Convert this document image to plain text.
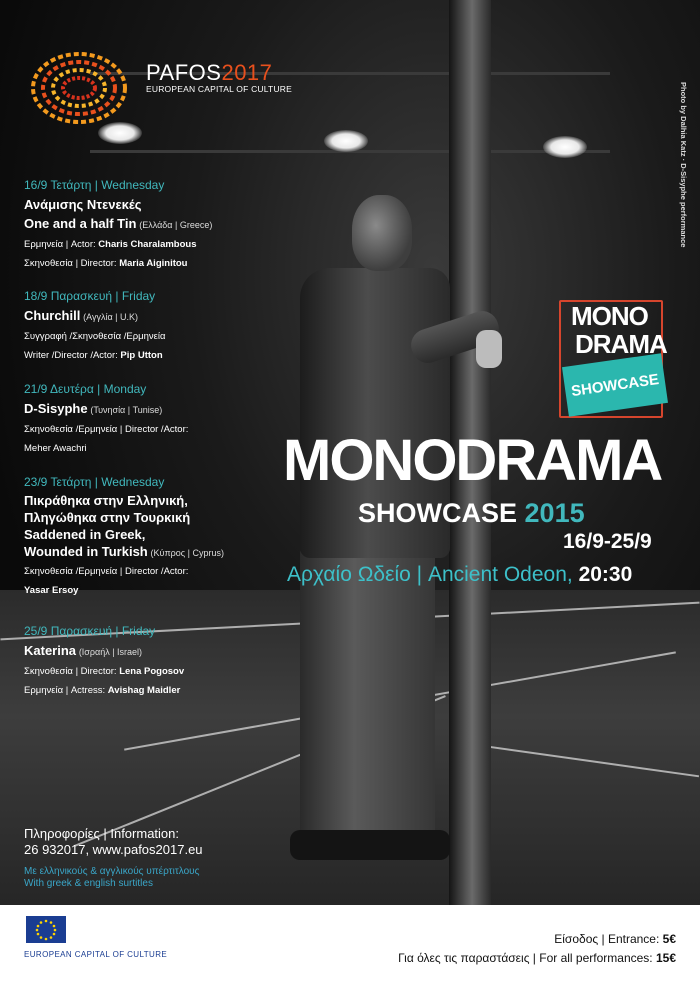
PAFOS2017
EUROPEAN CAPITAL OF CULTURE	Photo by Dalhia Katz · D-Sisyphe performance
16/9 Τετάρτη | Wednesday
Ανάμισης Ντενεκές
One and a half Tin (Ελλάδα | Greece)
Ερμηνεία | Actor: Charis Charalambous
Σκηνοθεσία | Director: Maria Aiginitou
18/9 Παρασκευή | Friday
Churchill (Αγγλία | U.K)
Συγγραφή /Σκηνοθεσία /Ερμηνεία
Writer /Director /Actor: Pip Utton
21/9 Δευτέρα | Monday
D-Sisyphe (Τυνησία | Tunise)
Σκηνοθεσία /Ερμηνεία | Director /Actor:
Meher Awachri
23/9 Τετάρτη | Wednesday
Πικράθηκα στην Ελληνική,
Πληγώθηκα στην Τουρκική
Saddened in Greek,
Wounded in Turkish (Κύπρος | Cyprus)
Σκηνοθεσία /Ερμηνεία | Director /Actor:
Yasar Ersoy
25/9 Παρασκευή | Friday
Katerina (Ισραήλ | Israel)
Σκηνοθεσία | Director: Lena Pogosov
Ερμηνεία | Actress: Avishag Maidler
MONO
DRAMA
SHOWCASE
MONODRAMA
SHOWCASE 2015
16/9-25/9
Αρχαίο Ωδείο | Ancient Odeon, 20:30
Πληροφορίες | Information:
26 932017, www.pafos2017.eu
Με ελληνικούς & αγγλικούς υπέρτιτλους
With greek & english surtitles
EUROPEAN CAPITAL OF CULTURE
Είσοδος | Entrance: 5€
Για όλες τις παραστάσεις | For all performances: 15€
